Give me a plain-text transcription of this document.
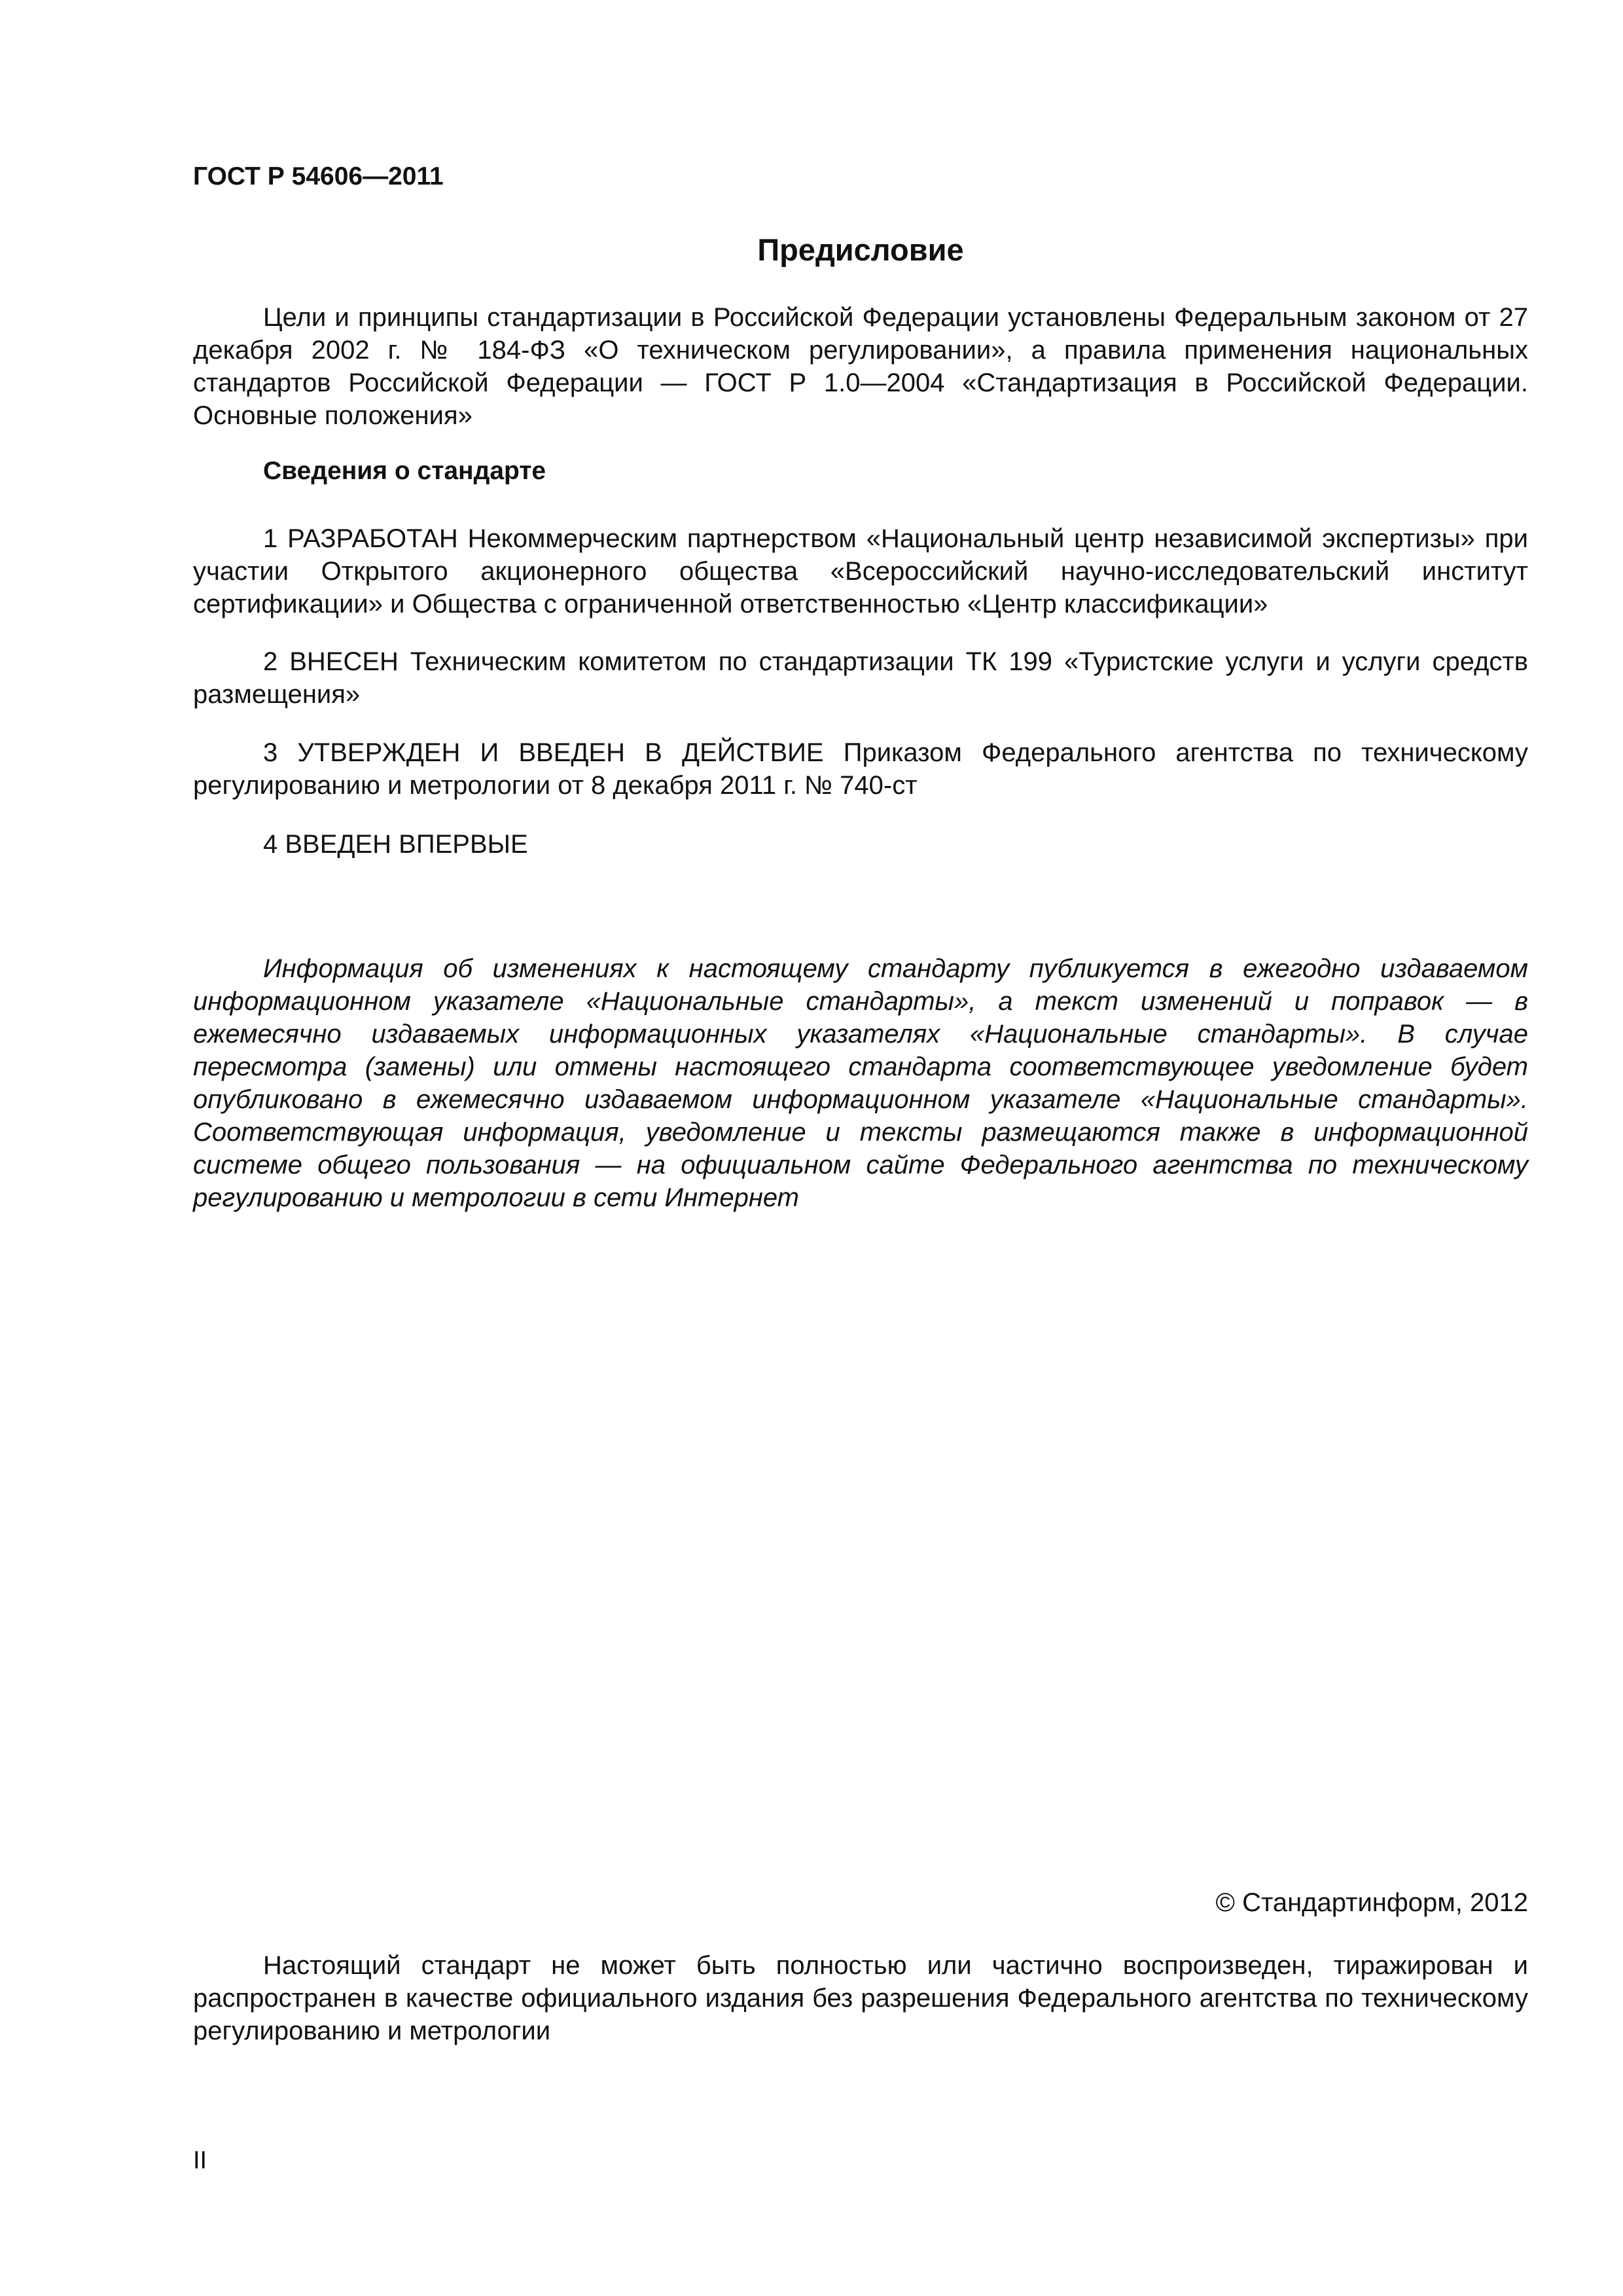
ГОСТ Р 54606—2011

Предисловие

Цели и принципы стандартизации в Российской Федерации установлены Федеральным законом от 27 декабря 2002 г. № 184-ФЗ «О техническом регулировании», а правила применения национальных стандартов Российской Федерации — ГОСТ Р 1.0—2004 «Стандартизация в Российской Федерации. Основные положения»

Сведения о стандарте

1 РАЗРАБОТАН Некоммерческим партнерством «Национальный центр независимой экспертизы» при участии Открытого акционерного общества «Всероссийский научно-исследовательский институт сертификации» и Общества с ограниченной ответственностью «Центр классификации»

2 ВНЕСЕН Техническим комитетом по стандартизации ТК 199 «Туристские услуги и услуги средств размещения»

3 УТВЕРЖДЕН И ВВЕДЕН В ДЕЙСТВИЕ Приказом Федерального агентства по техническому регулированию и метрологии от 8 декабря 2011 г. № 740-ст

4 ВВЕДЕН ВПЕРВЫЕ

Информация об изменениях к настоящему стандарту публикуется в ежегодно издаваемом информационном указателе «Национальные стандарты», а текст изменений и поправок — в ежемесячно издаваемых информационных указателях «Национальные стандарты». В случае пересмотра (замены) или отмены настоящего стандарта соответствующее уведомление будет опубликовано в ежемесячно издаваемом информационном указателе «Национальные стандарты». Соответствующая информация, уведомление и тексты размещаются также в информационной системе общего пользования — на официальном сайте Федерального агентства по техническому регулированию и метрологии в сети Интернет

© Стандартинформ, 2012

Настоящий стандарт не может быть полностью или частично воспроизведен, тиражирован и распространен в качестве официального издания без разрешения Федерального агентства по техническому регулированию и метрологии

II
